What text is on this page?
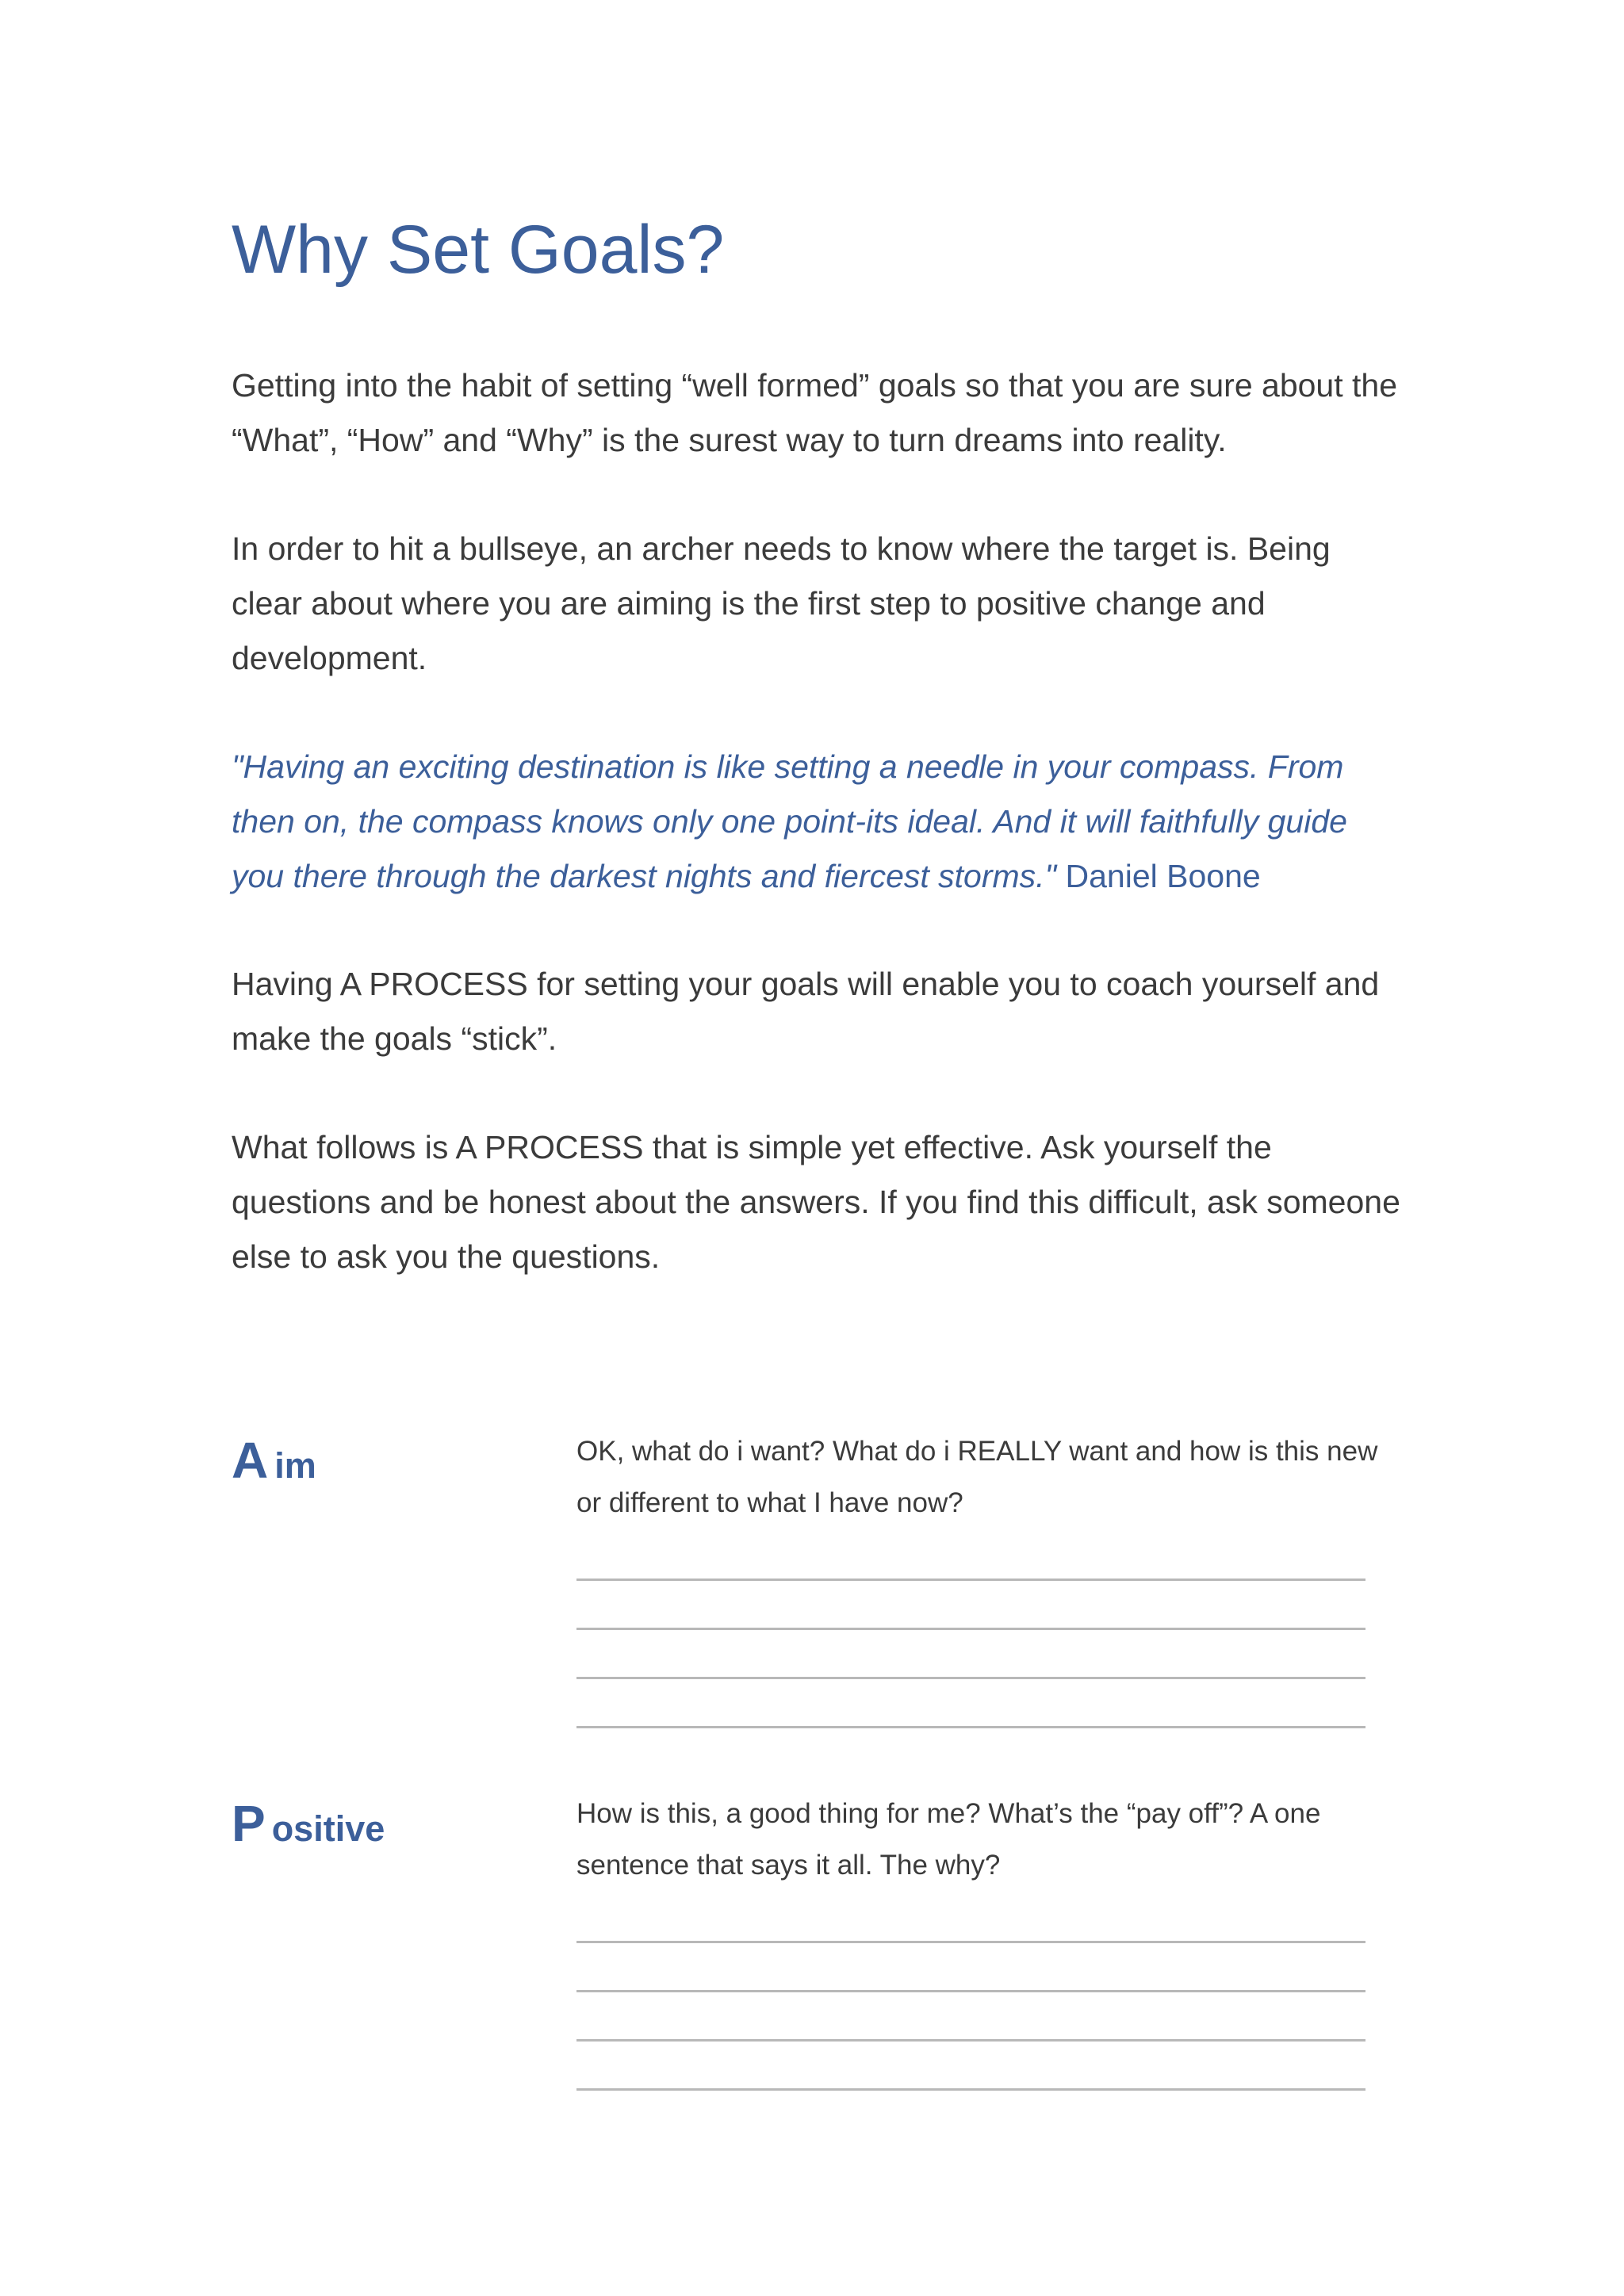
Why Set Goals?

Getting into the habit of setting “well formed” goals so that you are sure about the “What”, “How” and “Why” is the surest way to turn dreams into reality.

In order to hit a bullseye, an archer needs to know where the target is. Being clear about where you are aiming is the first step to positive change and development.

"Having an exciting destination is like setting a needle in your compass. From then on, the compass knows only one point-its ideal. And it will faithfully guide you there through the darkest nights and fiercest storms." Daniel Boone

Having A PROCESS for setting your goals will enable you to coach yourself and make the goals “stick”.

What follows is A PROCESS that is simple yet effective. Ask yourself the questions and be honest about the answers. If you find this difficult, ask someone else to ask you the questions.

A im	OK, what do i want? What do i REALLY want and how is this new or different to what I have now?

P ositive	How is this, a good thing for me? What’s the “pay off”? A one sentence that says it all. The why?
